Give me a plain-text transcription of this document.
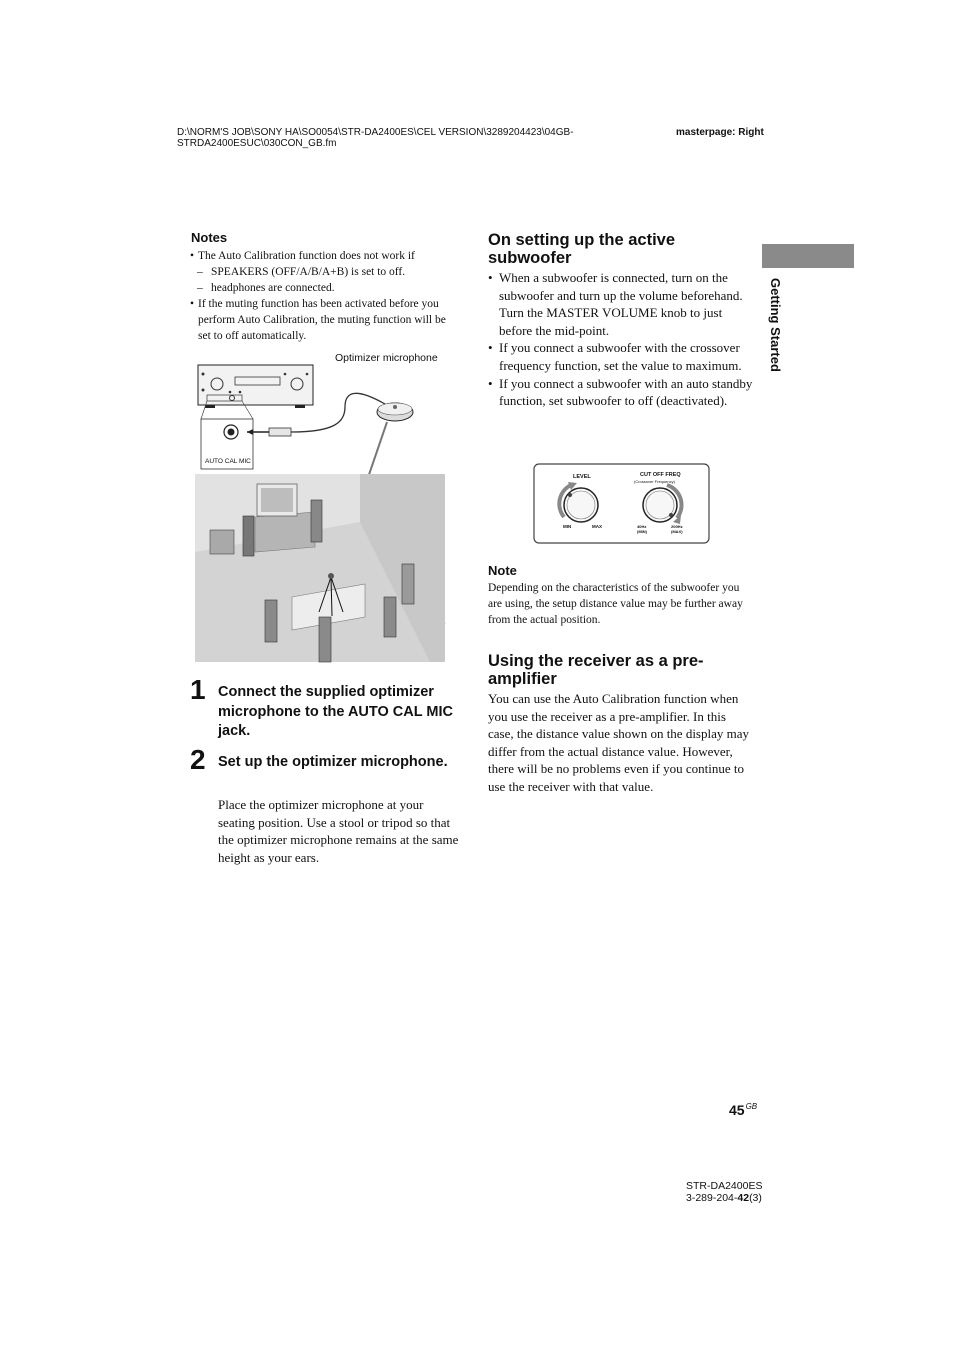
D:\NORM'S JOB\SONY HA\SO0054\STR-DA2400ES\CEL VERSION\3289204423\04GB-
STRDA2400ESUC\030CON_GB.fm
masterpage: Right
Getting Started
Notes
• The Auto Calibration function does not work if
– SPEAKERS (OFF/A/B/A+B) is set to off.
– headphones are connected.
• If the muting function has been activated before you perform Auto Calibration, the muting function will be set to off automatically.
Optimizer microphone
AUTO CAL MIC
1 Connect the supplied optimizer microphone to the AUTO CAL MIC jack.
2 Set up the optimizer microphone.
Place the optimizer microphone at your seating position. Use a stool or tripod so that the optimizer microphone remains at the same height as your ears.
On setting up the active subwoofer
• When a subwoofer is connected, turn on the subwoofer and turn up the volume beforehand. Turn the MASTER VOLUME knob to just before the mid-point.
• If you connect a subwoofer with the crossover frequency function, set the value to maximum.
• If you connect a subwoofer with an auto standby function, set subwoofer to off (deactivated).
LEVEL	CUT OFF FREQ
(Crossover Frequency)
MIN	MAX	40Hz
(MIN)
200Hz
(MAX)
Note
Depending on the characteristics of the subwoofer you are using, the setup distance value may be further away from the actual position.
Using the receiver as a pre-amplifier
You can use the Auto Calibration function when you use the receiver as a pre-amplifier. In this case, the distance value shown on the display may differ from the actual distance value. However, there will be no problems even if you continue to use the receiver with that value.
$45^{GB}$
STR-DA2400ES
3-289-204-42(3)
